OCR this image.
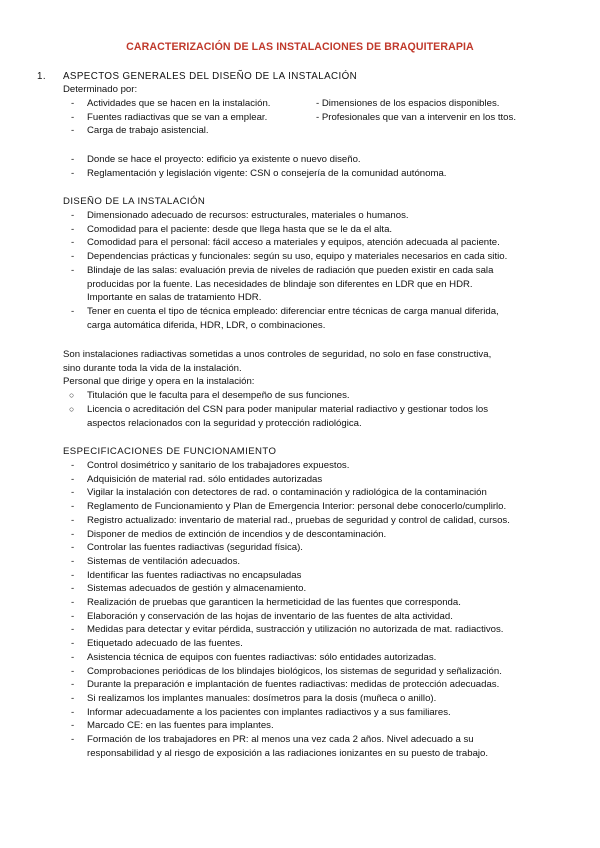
CARACTERIZACIÓN DE LAS INSTALACIONES DE BRAQUITERAPIA
1. ASPECTOS GENERALES DEL DISEÑO DE LA INSTALACIÓN
Determinado por:
- Actividades que se hacen en la instalación.
- Fuentes radiactivas que se van a emplear.
- Carga de trabajo asistencial.
- Dimensiones de los espacios disponibles.
- Profesionales que van a intervenir en los ttos.
- Donde se hace el proyecto: edificio ya existente o nuevo diseño.
- Reglamentación y legislación vigente: CSN o consejería de la comunidad autónoma.
DISEÑO DE LA INSTALACIÓN
- Dimensionado adecuado de recursos: estructurales, materiales o humanos.
- Comodidad para el paciente: desde que llega hasta que se le da el alta.
- Comodidad para el personal: fácil acceso a materiales y equipos, atención adecuada al paciente.
- Dependencias prácticas y funcionales: según su uso, equipo y materiales necesarios en cada sitio.
- Blindaje de las salas: evaluación previa de niveles de radiación que pueden existir en cada sala
producidas por la fuente. Las necesidades de blindaje son diferentes en LDR que en HDR.
Importante en salas de tratamiento HDR.
- Tener en cuenta el tipo de técnica empleado: diferenciar entre técnicas de carga manual diferida,
carga automática diferida, HDR, LDR, o combinaciones.
Son instalaciones radiactivas sometidas a unos controles de seguridad, no solo en fase constructiva,
sino durante toda la vida de la instalación.
Personal que dirige y opera en la instalación:
○ Titulación que le faculta para el desempeño de sus funciones.
○ Licencia o acreditación del CSN para poder manipular material radiactivo y gestionar todos los
aspectos relacionados con la seguridad y protección radiológica.
ESPECIFICACIONES DE FUNCIONAMIENTO
- Control dosimétrico y sanitario de los trabajadores expuestos.
- Adquisición de material rad. sólo entidades autorizadas
- Vigilar la instalación con detectores de rad. o contaminación y radiológica de la contaminación
- Reglamento de Funcionamiento y Plan de Emergencia Interior: personal debe conocerlo/cumplirlo.
- Registro actualizado: inventario de material rad., pruebas de seguridad y control de calidad, cursos.
- Disponer de medios de extinción de incendios y de descontaminación.
- Controlar las fuentes radiactivas (seguridad física).
- Sistemas de ventilación adecuados.
- Identificar las fuentes radiactivas no encapsuladas
- Sistemas adecuados de gestión y almacenamiento.
- Realización de pruebas que garanticen la hermeticidad de las fuentes que corresponda.
- Elaboración y conservación de las hojas de inventario de las fuentes de alta actividad.
- Medidas para detectar y evitar pérdida, sustracción y utilización no autorizada de mat. radiactivos.
- Etiquetado adecuado de las fuentes.
- Asistencia técnica de equipos con fuentes radiactivas: sólo entidades autorizadas.
- Comprobaciones periódicas de los blindajes biológicos, los sistemas de seguridad y señalización.
- Durante la preparación e implantación de fuentes radiactivas: medidas de protección adecuadas.
- Si realizamos los implantes manuales: dosímetros para la dosis (muñeca o anillo).
- Informar adecuadamente a los pacientes con implantes radiactivos y a sus familiares.
- Marcado CE: en las fuentes para implantes.
- Formación de los trabajadores en PR: al menos una vez cada 2 años. Nivel adecuado a su
responsabilidad y al riesgo de exposición a las radiaciones ionizantes en su puesto de trabajo.
